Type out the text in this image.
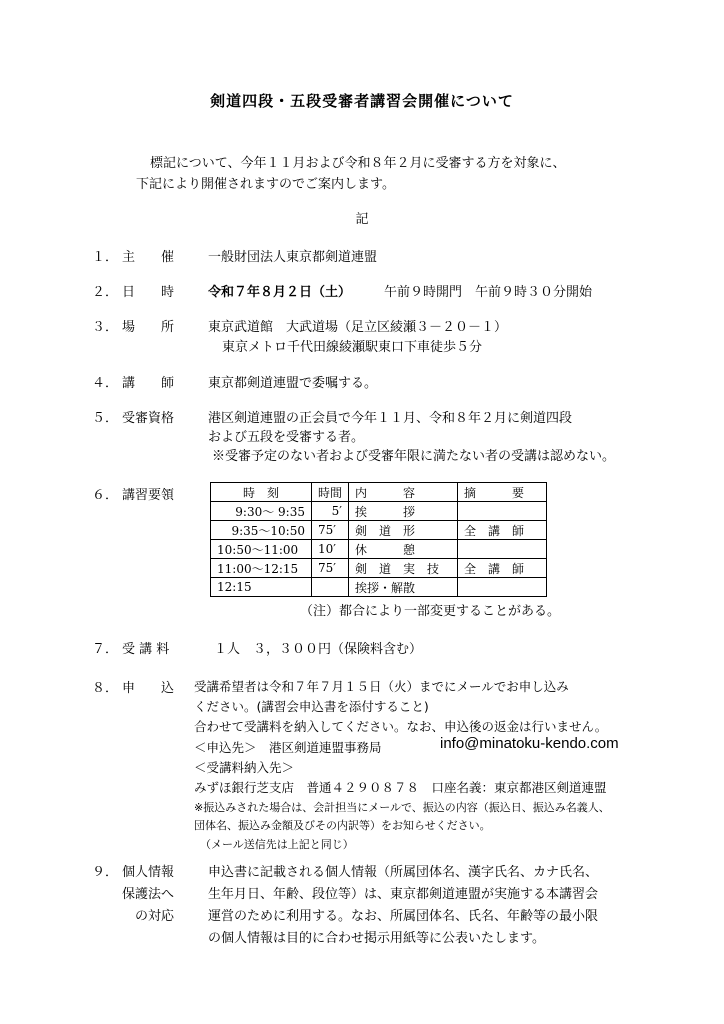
剣道四段・五段受審者講習会開催について
標記について、今年１１月および令和８年２月に受審する方を対象に、
下記により開催されますのでご案内します。
記
１． 主　　催	一般財団法人東京都剣道連盟
２． 日　　時	令和７年８月２日（土）	午前９時開門　午前９時３０分開始
３． 場　　所	東京武道館　大武道場（足立区綾瀬３－２０－１）
東京メトロ千代田線綾瀬駅東口下車徒歩５分
４． 講　　師	東京都剣道連盟で委嘱する。
５． 受審資格	港区剣道連盟の正会員で今年１１月、令和８年２月に剣道四段
および五段を受審する者。
※受審予定のない者および受審年限に満たない者の受講は認めない。
６． 講習要領	時　刻	時間	内　　　容	摘　　　要
9:30～ 9:35	5′	挨　　　拶	
9:35～10:50	75′	剣　道　形	全　講　師
10:50～11:00	10′	休　　　憩	
11:00～12:15	75′	剣　道　実　技	全　講　師
12:15		挨拶・解散	
（注）都合により一部変更することがある。
７． 受 講 料	１人　３，３００円（保険料含む）
８． 申　　込 受講希望者は令和７年７月１５日（火）までにメールでお申し込み
ください。(講習会申込書を添付すること)
合わせて受講料を納入してください。なお、申込後の返金は行いません。
＜申込先＞　港区剣道連盟事務局	info@minatoku-kendo.com
＜受講料納入先＞
みずほ銀行芝支店　普通４２９０８７８　口座名義：東京都港区剣道連盟
※振込みされた場合は、会計担当にメールで、振込の内容（振込日、振込み名義人、
団体名、振込み金額及びその内訳等）をお知らせください。
（メール送信先は上記と同じ）
９． 個人情報
保護法へ
の対応
申込書に記載される個人情報（所属団体名、漢字氏名、カナ氏名、
生年月日、年齢、段位等）は、東京都剣道連盟が実施する本講習会
運営のために利用する。なお、所属団体名、氏名、年齢等の最小限
の個人情報は目的に合わせ掲示用紙等に公表いたします。
